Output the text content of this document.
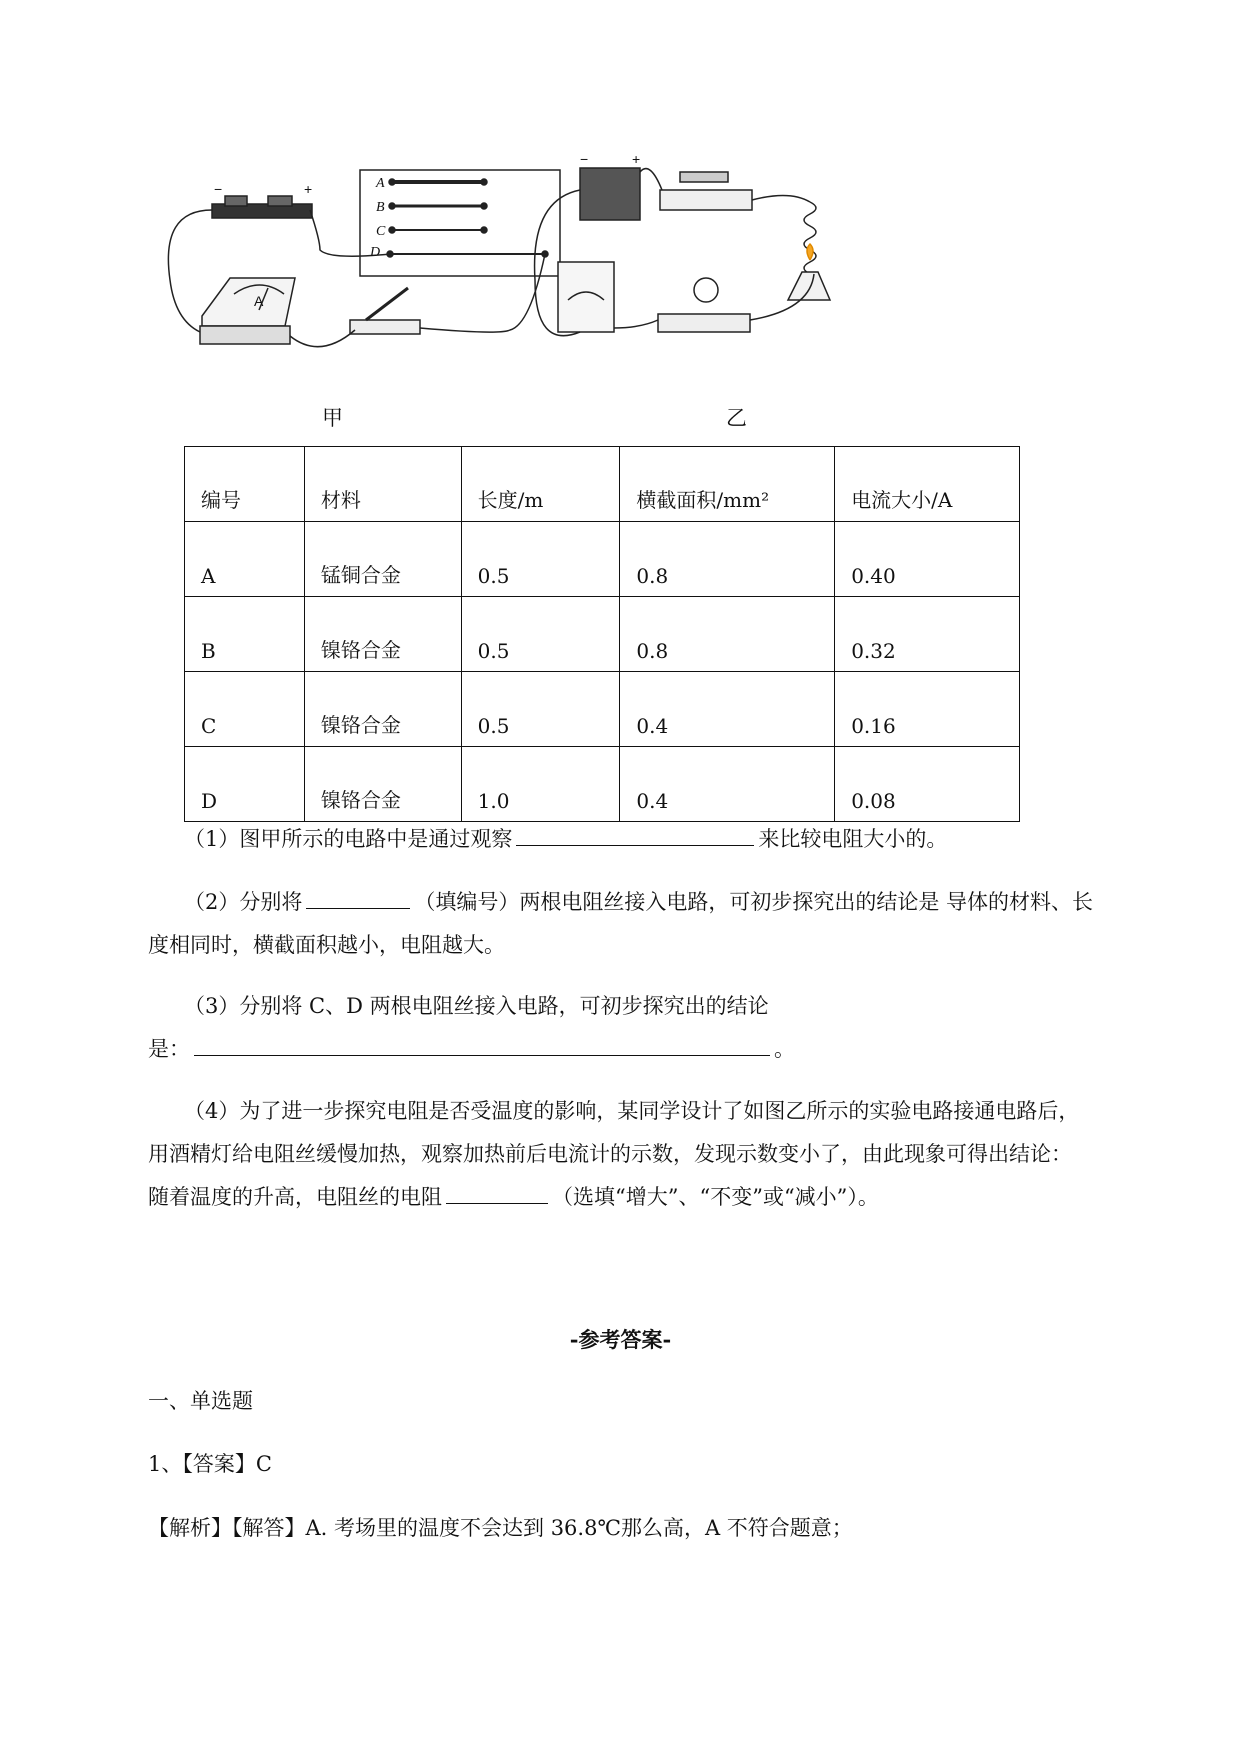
A
B
C
D
A
−	+
−	+
甲	乙
编号	材料	长度/m	横截面积/mm²	电流大小/A
A	锰铜合金	0.5	0.8	0.40
B	镍铬合金	0.5	0.8	0.32
C	镍铬合金	0.5	0.4	0.16
D	镍铬合金	1.0	0.4	0.08
（1）图甲所示的电路中是通过观察	来比较电阻大小的。
（2）分别将	（填编号）两根电阻丝接入电路，可初步探究出的结论是 导体的材料、长
度相同时，横截面积越小，电阻越大。
（3）分别将 C、D 两根电阻丝接入电路，可初步探究出的结论
是：	。
（4）为了进一步探究电阻是否受温度的影响，某同学设计了如图乙所示的实验电路接通电路后，
用酒精灯给电阻丝缓慢加热，观察加热前后电流计的示数，发现示数变小了，由此现象可得出结论：
随着温度的升高，电阻丝的电阻	（选填“增大”、“不变”或“减小”）。
-参考答案-
一、单选题
1、【答案】C
【解析】【解答】A. 考场里的温度不会达到 36.8℃那么高，A 不符合题意；
